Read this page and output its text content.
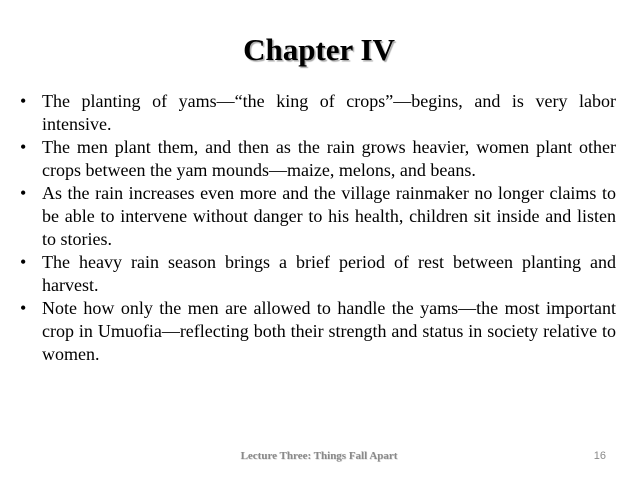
Chapter IV
• The planting of yams—“the king of crops”—begins, and is very labor intensive.
• The men plant them, and then as the rain grows heavier, women plant other crops between the yam mounds—maize, melons, and beans.
• As the rain increases even more and the village rainmaker no longer claims to be able to intervene without danger to his health, children sit inside and listen to stories.
• The heavy rain season brings a brief period of rest between planting and harvest.
• Note how only the men are allowed to handle the yams—the most important crop in Umuofia—reflecting both their strength and status in society relative to women.
Lecture Three: Things Fall Apart	16
